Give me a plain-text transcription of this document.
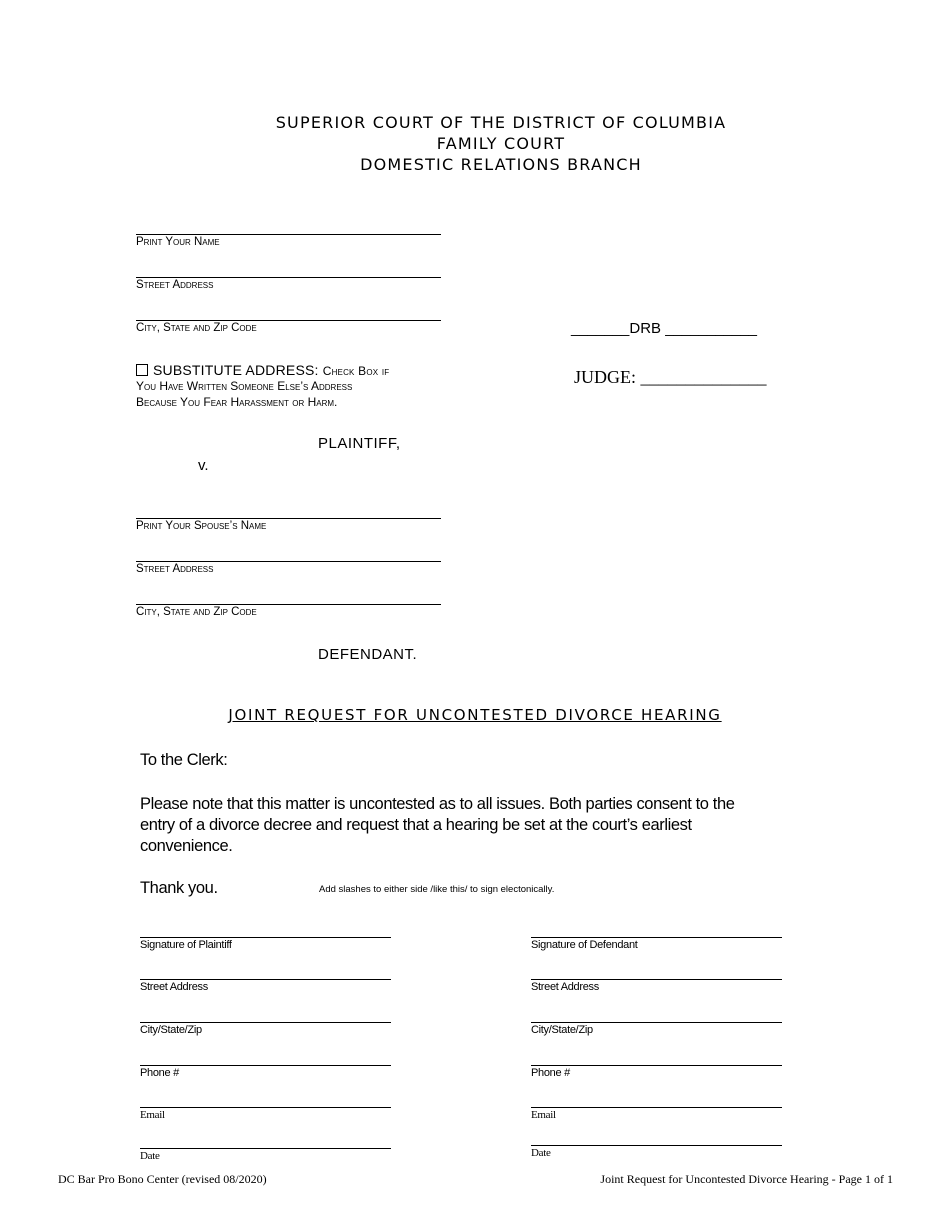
SUPERIOR COURT OF THE DISTRICT OF COLUMBIA
FAMILY COURT
DOMESTIC RELATIONS BRANCH
Print Your Name
Street Address
City, State and Zip Code
SUBSTITUTE ADDRESS: Check Box if
You Have Written Someone Else’s Address
Because You Fear Harassment or Harm.
PLAINTIFF,
v.
Print Your Spouse’s Name
Street Address
City, State and Zip Code
DEFENDANT.
_______DRB ___________
JUDGE: ______________
JOINT REQUEST FOR UNCONTESTED DIVORCE HEARING
To the Clerk:
Please note that this matter is uncontested as to all issues. Both parties consent to the
entry of a divorce decree and request that a hearing be set at the court’s earliest
convenience.
Thank you.	Add slashes to either side /like this/ to sign electonically.
Signature of Plaintiff
Street Address
City/State/Zip
Phone #
Email
Date
Signature of Defendant
Street Address
City/State/Zip
Phone #
Email
Date
DC Bar Pro Bono Center (revised 08/2020)	Joint Request for Uncontested Divorce Hearing - Page 1 of 1
